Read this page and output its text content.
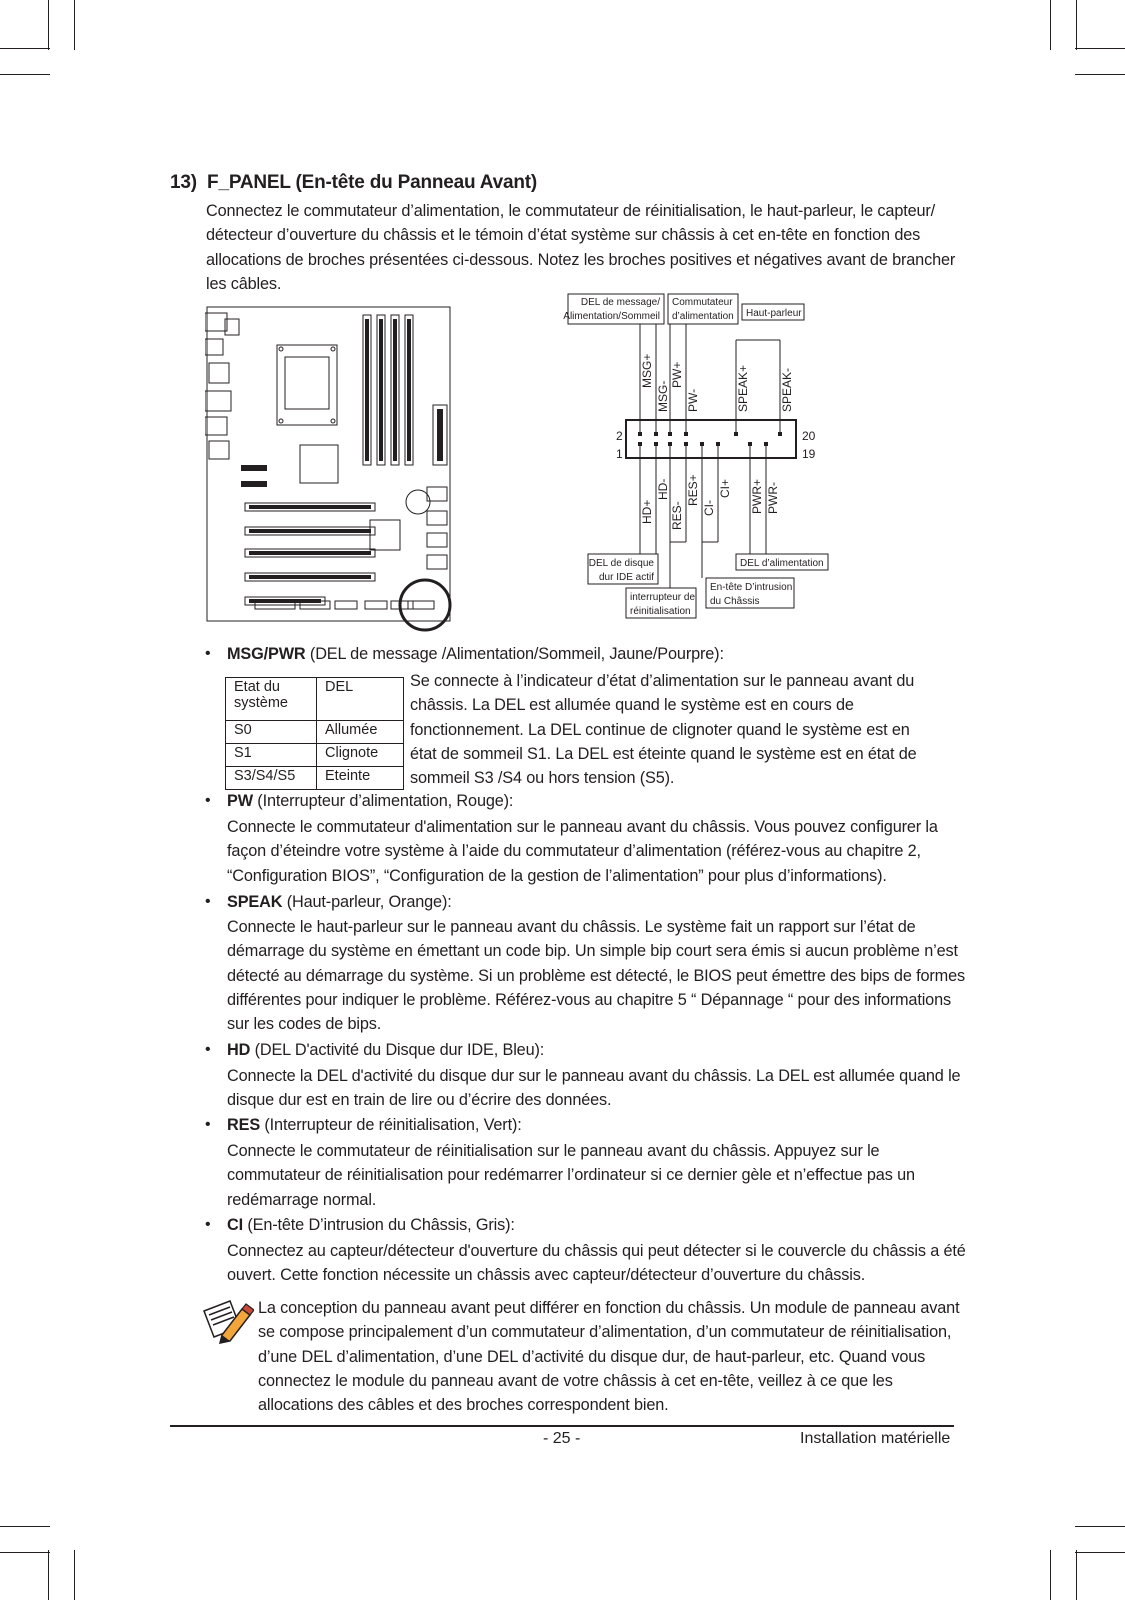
13) F_PANEL (En-tête du Panneau Avant)
Connectez le commutateur d’alimentation, le commutateur de réinitialisation, le haut-parleur, le capteur/ détecteur d’ouverture du châssis et le témoin d’état système sur châssis à cet en-tête en fonction des allocations de broches présentées ci-dessous. Notez les broches positives et négatives avant de brancher les câbles.
DEL de message/
Alimentation/Sommeil
Commutateur
d’alimentation Haut-parleur
DEL de disque
dur IDE actif
interrupteur de
réinitialisation
En-tête D’intrusion
du Châssis
DEL d’alimentation
2
1
20
19
MSG+
MSG-
PW+
PW-	SPEAK+	SPEAK-
HD+
HD- RES+
RES- CI-
CI+ PWR+ PWR-
• MSG/PWR (DEL de message /Alimentation/Sommeil, Jaune/Pourpre):
Etat du système	DEL
S0	Allumée
S1	Clignote
S3/S4/S5	Eteinte
Se connecte à l’indicateur d’état d’alimentation sur le panneau avant du châssis. La DEL est allumée quand le système est en cours de fonctionnement. La DEL continue de clignoter quand le système est en état de sommeil S1. La DEL est éteinte quand le système est en état de sommeil S3 /S4 ou hors tension (S5).
• PW (Interrupteur d’alimentation, Rouge):
Connecte le commutateur d'alimentation sur le panneau avant du châssis. Vous pouvez configurer la façon d’éteindre votre système à l’aide du commutateur d’alimentation (référez-vous au chapitre 2, “Configuration BIOS”, “Configuration de la gestion de l’alimentation” pour plus d’informations).
• SPEAK (Haut-parleur, Orange):
Connecte le haut-parleur sur le panneau avant du châssis. Le système fait un rapport sur l’état de démarrage du système en émettant un code bip. Un simple bip court sera émis si aucun problème n’est détecté au démarrage du système. Si un problème est détecté, le BIOS peut émettre des bips de formes différentes pour indiquer le problème. Référez-vous au chapitre 5 “ Dépannage “ pour des informations sur les codes de bips.
• HD (DEL D'activité du Disque dur IDE, Bleu):
Connecte la DEL d'activité du disque dur sur le panneau avant du châssis. La DEL est allumée quand le disque dur est en train de lire ou d’écrire des données.
• RES (Interrupteur de réinitialisation, Vert):
Connecte le commutateur de réinitialisation sur le panneau avant du châssis. Appuyez sur le commutateur de réinitialisation pour redémarrer l’ordinateur si ce dernier gèle et n’effectue pas un redémarrage normal.
• CI (En-tête D’intrusion du Châssis, Gris):
Connectez au capteur/détecteur d'ouverture du châssis qui peut détecter si le couvercle du châssis a été ouvert. Cette fonction nécessite un châssis avec capteur/détecteur d’ouverture du châssis.
La conception du panneau avant peut différer en fonction du châssis. Un module de panneau avant se compose principalement d’un commutateur d’alimentation, d’un commutateur de réinitialisation, d’une DEL d’alimentation, d’une DEL d’activité du disque dur, de haut-parleur, etc. Quand vous connectez le module du panneau avant de votre châssis à cet en-tête, veillez à ce que les allocations des câbles et des broches correspondent bien.
- 25 -	Installation matérielle
